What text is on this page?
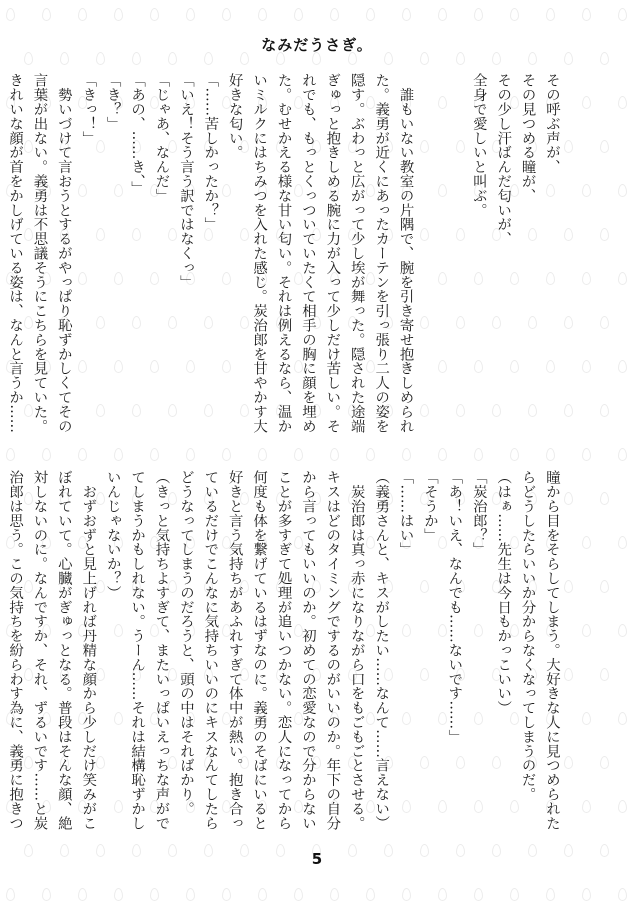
なみだうさぎ。

その呼ぶ声が、

その見つめる瞳が、

その少し汗ばんだ匂いが、

全身で愛しいと叫ぶ。

　誰もいない教室の片隅で、腕を引き寄せ抱きしめられた。義勇が近くにあったカーテンを引っ張り二人の姿を隠す。ぶわっと広がって少し埃が舞った。隠された途端ぎゅっと抱きしめる腕に力が入って少しだけ苦しい。それでも、もっとくっついていたくて相手の胸に顔を埋めた。むせかえる様な甘い匂い。それは例えるなら、温かいミルクにはちみつを入れた感じ。炭治郎を甘やかす大好きな匂い。

「……苦しかったか？」

「いえ！そう言う訳ではなくっ」

「じゃあ、なんだ」

「あの、……き、」

「き？」

「きっ！」

　勢いづけて言おうとするがやっぱり恥ずかしくてその言葉が出ない。義勇は不思議そうにこちらを見ていた。きれいな顔が首をかしげている姿は、なんと言うか……

瞳から目をそらしてしまう。大好きな人に見つめられたらどうしたらいいか分からなくなってしまうのだ。

（はぁ……先生は今日もかっこいい）

「炭治郎？」

「あ！いえ、なんでも……ないです……」

「そうか」

「……はい」

（義勇さんと、キスがしたい……なんて……言えない）

　炭治郎は真っ赤になりながら口をもごもごとさせる。キスはどのタイミングでするのがいいのか。年下の自分から言ってもいいのか。初めての恋愛なので分からないことが多すぎて処理が追いつかない。恋人になってから何度も体を繋げているはずなのに。義勇のそばにいると好きと言う気持ちがあふれすぎて体中が熱い。抱き合っているだけでこんなに気持ちいいのにキスなんてしたらどうなってしまうのだろうと、頭の中はそればかり。

（きっと気持ちよすぎて、またいっぱいえっちな声がでてしまうかもしれない。うーん……それは結構恥ずかしいんじゃないか？）

　おずおずと見上げれば丹精な顔から少しだけ笑みがこぼれていて。心臓がぎゅっとなる。普段はそんな顔、絶対しないのに。なんですか、それ、ずるいです……と炭治郎は思う。この気持ちを紛らわす為に、義勇に抱きつ

5
